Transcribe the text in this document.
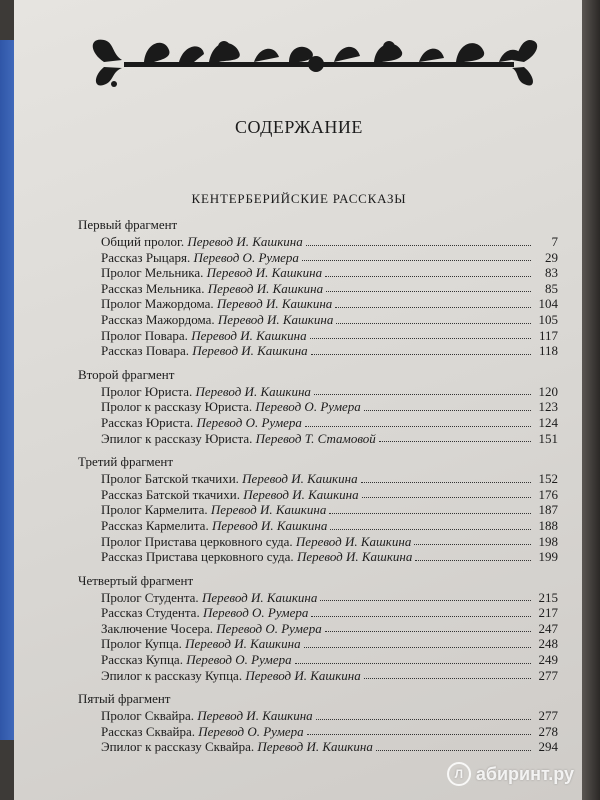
СОДЕРЖАНИЕ
КЕНТЕРБЕРИЙСКИЕ РАССКАЗЫ
Первый фрагмент
Общий пролог. Перевод И. Кашкина	7
Рассказ Рыцаря. Перевод О. Румера	29
Пролог Мельника. Перевод И. Кашкина	83
Рассказ Мельника. Перевод И. Кашкина	85
Пролог Мажордома. Перевод И. Кашкина	104
Рассказ Мажордома. Перевод И. Кашкина	105
Пролог Повара. Перевод И. Кашкина	117
Рассказ Повара. Перевод И. Кашкина	118
Второй фрагмент
Пролог Юриста. Перевод И. Кашкина	120
Пролог к рассказу Юриста. Перевод О. Румера	123
Рассказ Юриста. Перевод О. Румера	124
Эпилог к рассказу Юриста. Перевод Т. Стамовой	151
Третий фрагмент
Пролог Батской ткачихи. Перевод И. Кашкина	152
Рассказ Батской ткачихи. Перевод И. Кашкина	176
Пролог Кармелита. Перевод И. Кашкина	187
Рассказ Кармелита. Перевод И. Кашкина	188
Пролог Пристава церковного суда. Перевод И. Кашкина	198
Рассказ Пристава церковного суда. Перевод И. Кашкина	199
Четвертый фрагмент
Пролог Студента. Перевод И. Кашкина	215
Рассказ Студента. Перевод О. Румера	217
Заключение Чосера. Перевод О. Румера	247
Пролог Купца. Перевод И. Кашкина	248
Рассказ Купца. Перевод О. Румера	249
Эпилог к рассказу Купца. Перевод И. Кашкина	277
Пятый фрагмент
Пролог Сквайра. Перевод И. Кашкина	277
Рассказ Сквайра. Перевод О. Румера	278
Эпилог к рассказу Сквайра. Перевод И. Кашкина	294
Л абиринт.ру
